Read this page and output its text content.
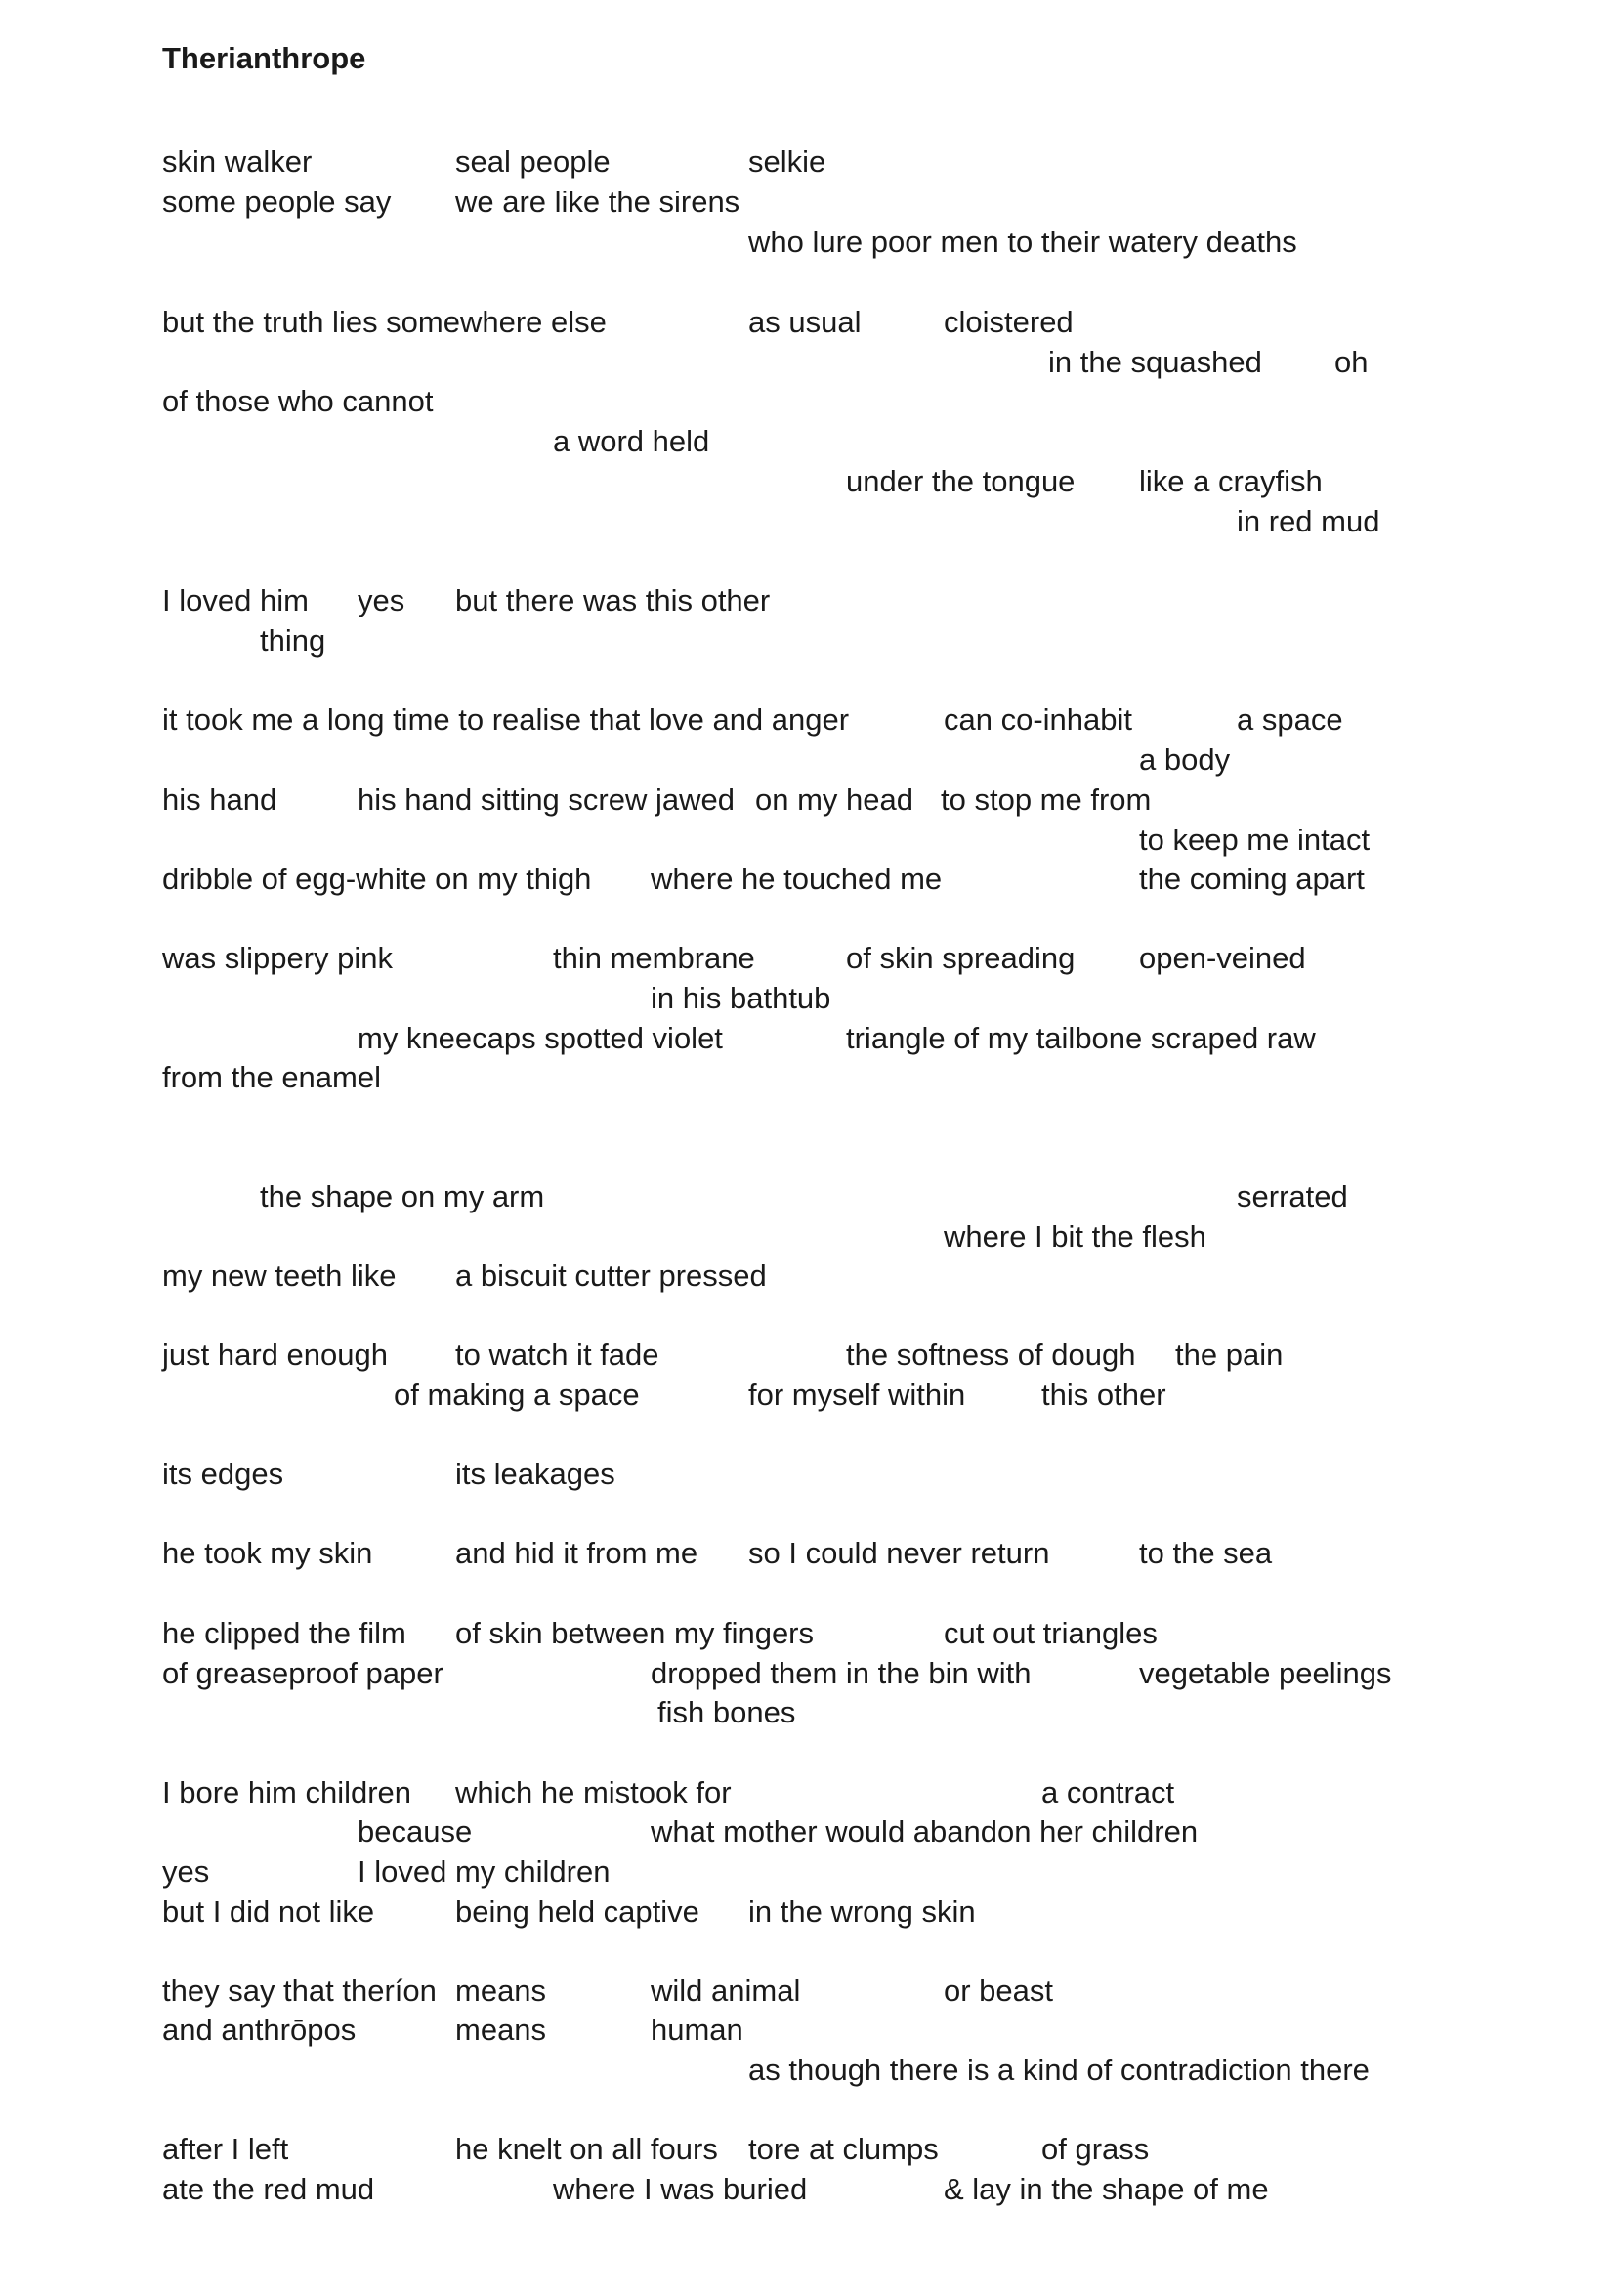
Therianthrope
skin walker	seal people	selkie
some people say we are like the sirens
who lure poor men to their watery deaths
but the truth lies somewhere else	as usual	cloistered
in the squashed oh
of those who cannot
a word held
under the tongue like a crayfish
in red mud
I loved him yes but there was this other
thing
it took me a long time to realise that love and anger	can co-inhabit	a space
a body
his hand	his hand sitting screw jawed on my head to stop me from
to keep me intact
dribble of egg-white on my thigh where he touched me	the coming apart
was slippery pink	thin membrane	of skin spreading open-veined
in his bathtub
my kneecaps spotted violet	triangle of my tailbone scraped raw
from the enamel
the shape on my arm	serrated
where I bit the flesh
my new teeth like a biscuit cutter pressed
just hard enough to watch it fade	the softness of dough the pain
of making a space	for myself within	this other
its edges	its leakages
he took my skin	and hid it from me so I could never return	to the sea
he clipped the film of skin between my fingers	cut out triangles
of greaseproof paper	dropped them in the bin with	vegetable peelings
fish bones
I bore him children which he mistook for	a contract
because	what mother would abandon her children
yes	I loved my children
but I did not like	being held captive in the wrong skin
they say that theríon means	wild animal	or beast
and anthrōpos	means	human
as though there is a kind of contradiction there
after I left	he knelt on all fours tore at clumps	of grass
ate the red mud	where I was buried	& lay in the shape of me
